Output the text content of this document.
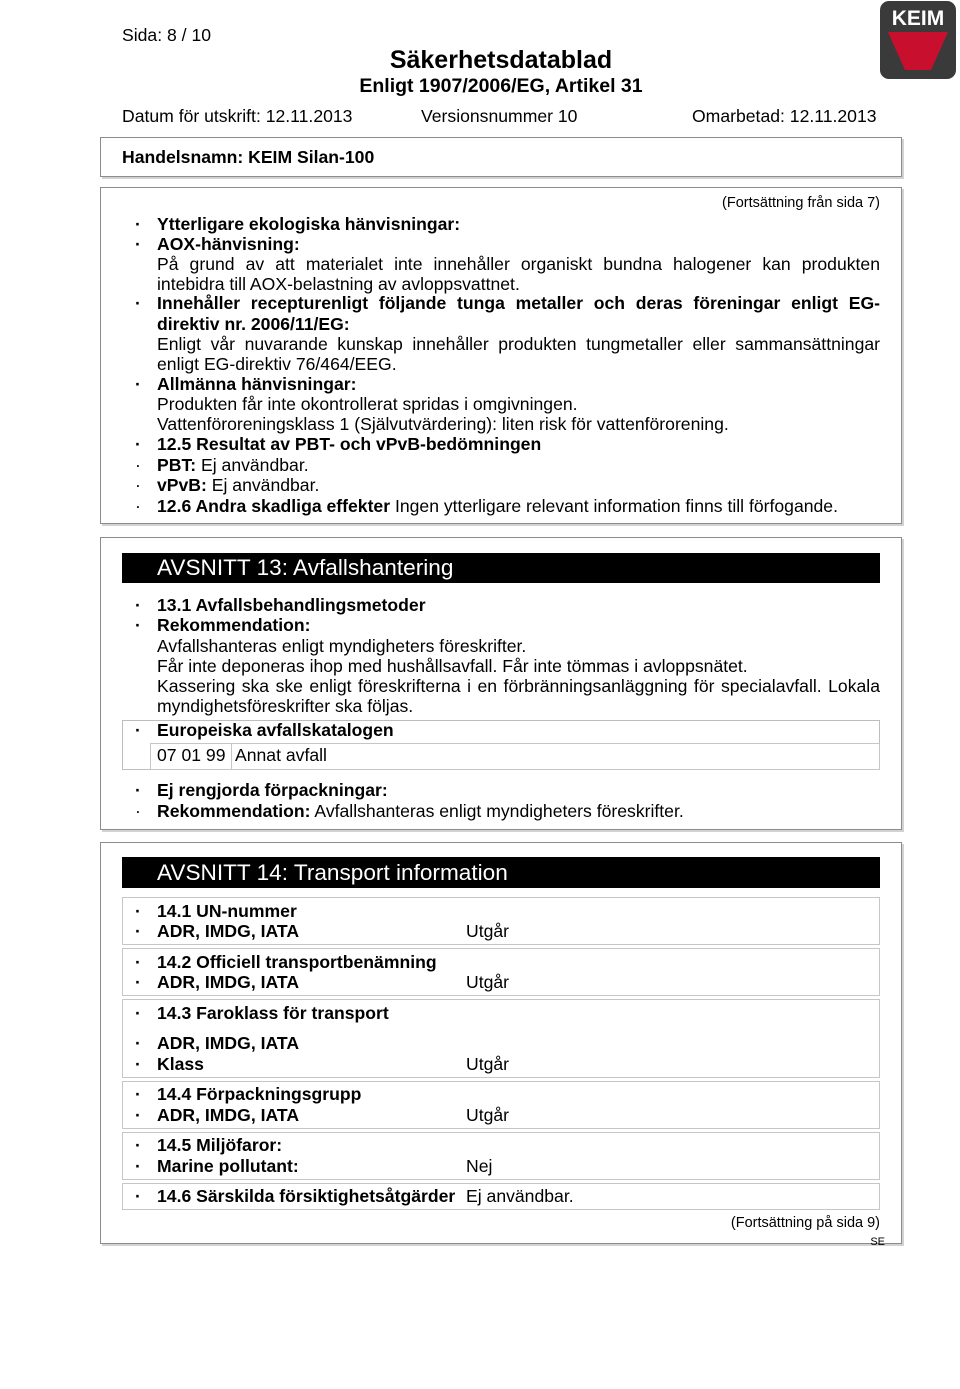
Sida: 8 / 10
Säkerhetsdatablad
Enligt 1907/2006/EG, Artikel 31
KEIM
Datum för utskrift: 12.11.2013	Versionsnummer 10	Omarbetad: 12.11.2013
Handelsnamn: KEIM Silan-100
(Fortsättning från sida 7)
· Ytterligare ekologiska hänvisningar:
· AOX-hänvisning:
På grund av att materialet inte innehåller organiskt bundna halogener kan produkten
intebidra till AOX-belastning av avloppsvattnet.
· Innehåller recepturenligt följande tunga metaller och deras föreningar enligt EG-
direktiv nr. 2006/11/EG:
Enligt vår nuvarande kunskap innehåller produkten tungmetaller eller sammansättningar
enligt EG-direktiv 76/464/EEG.
· Allmänna hänvisningar:
Produkten får inte okontrollerat spridas i omgivningen.
Vattenföroreningsklass 1 (Självutvärdering): liten risk för vattenförorening.
· 12.5 Resultat av PBT- och vPvB-bedömningen
· PBT: Ej användbar.
· vPvB: Ej användbar.
· 12.6 Andra skadliga effekter Ingen ytterligare relevant information finns till förfogande.
AVSNITT 13: Avfallshantering
· 13.1 Avfallsbehandlingsmetoder
· Rekommendation:
Avfallshanteras enligt myndigheters föreskrifter.
Får inte deponeras ihop med hushållsavfall. Får inte tömmas i avloppsnätet.
Kassering ska ske enligt föreskrifterna i en förbränningsanläggning för specialavfall. Lokala
myndighetsföreskrifter ska följas.
· Europeiska avfallskatalogen
07 01 99 Annat avfall
· Ej rengjorda förpackningar:
· Rekommendation: Avfallshanteras enligt myndigheters föreskrifter.
AVSNITT 14: Transport information
· 14.1 UN-nummer
· ADR, IMDG, IATA	Utgår
· 14.2 Officiell transportbenämning
· ADR, IMDG, IATA	Utgår
· 14.3 Faroklass för transport
· ADR, IMDG, IATA
· Klass	Utgår
· 14.4 Förpackningsgrupp
· ADR, IMDG, IATA	Utgår
· 14.5 Miljöfaror:
· Marine pollutant:	Nej
· 14.6 Särskilda försiktighetsåtgärder Ej användbar.
(Fortsättning på sida 9)
SE
